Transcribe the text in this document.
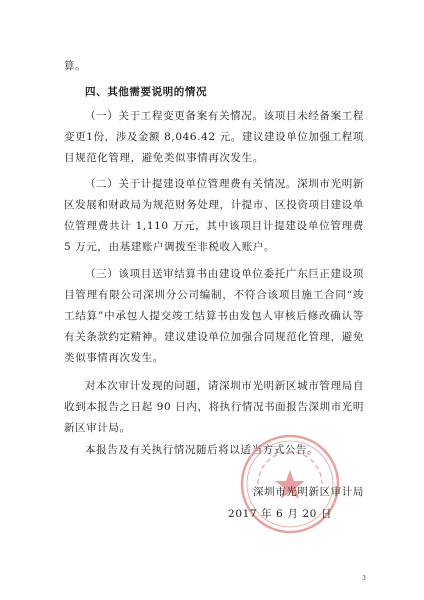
算。

四、其他需要说明的情况

（一）关于工程变更备案有关情况。该项目未经备案工程变更1份，涉及金额 8,046.42 元。建议建设单位加强工程项目规范化管理，避免类似事情再次发生。

（二）关于计提建设单位管理费有关情况。深圳市光明新区发展和财政局为规范财务处理，计提市、区投资项目建设单位管理费共计 1,110 万元，其中该项目计提建设单位管理费 5 万元，由基建账户调拨至非税收入账户。

（三）该项目送审结算书由建设单位委托广东巨正建设项目管理有限公司深圳分公司编制，不符合该项目施工合同“竣工结算”中承包人提交竣工结算书由发包人审核后修改确认等有关条款约定精神。建议建设单位加强合同规范化管理，避免类似事情再次发生。

对本次审计发现的问题，请深圳市光明新区城市管理局自收到本报告之日起 90 日内，将执行情况书面报告深圳市光明新区审计局。

本报告及有关执行情况随后将以适当方式公告。

深圳市光明新区审计局
2017 年 6 月 20 日
3
